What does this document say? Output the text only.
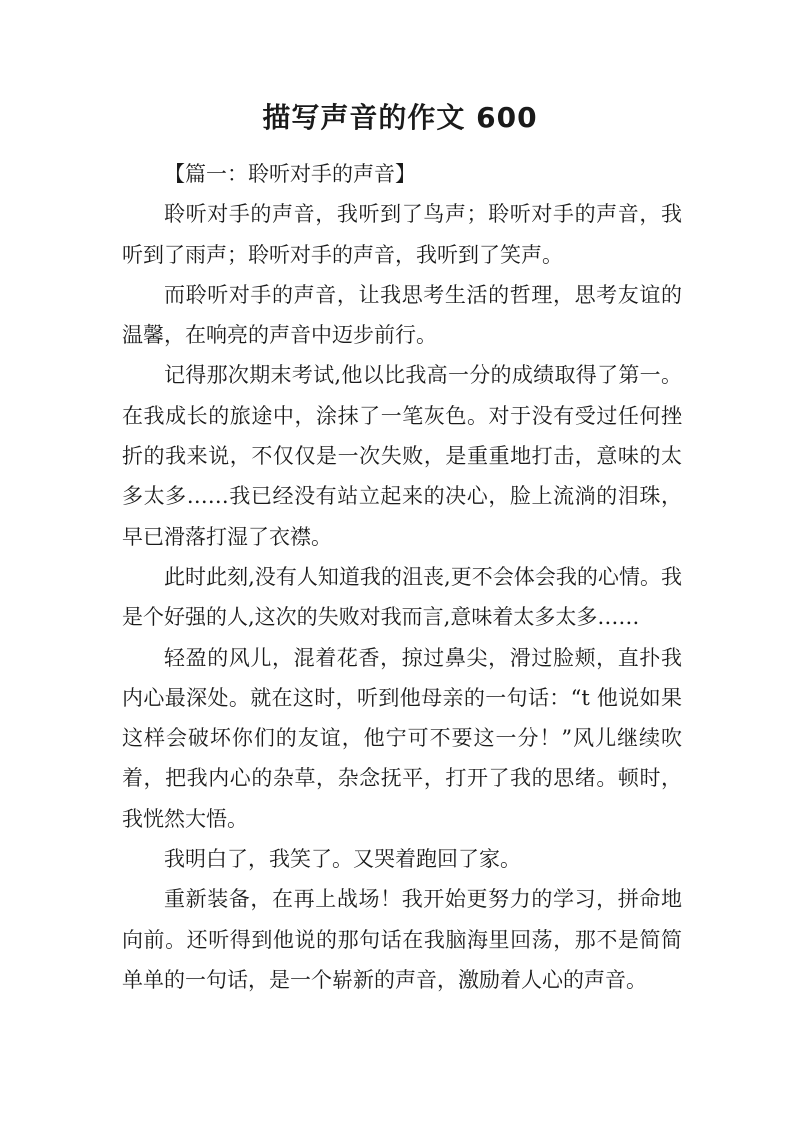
描写声音的作文 600

【篇一：聆听对手的声音】

聆听对手的声音，我听到了鸟声；聆听对手的声音，我听到了雨声；聆听对手的声音，我听到了笑声。

而聆听对手的声音，让我思考生活的哲理，思考友谊的温馨，在响亮的声音中迈步前行。

记得那次期末考试,他以比我高一分的成绩取得了第一。在我成长的旅途中，涂抹了一笔灰色。对于没有受过任何挫折的我来说，不仅仅是一次失败，是重重地打击，意味的太多太多……我已经没有站立起来的决心，脸上流淌的泪珠，早已滑落打湿了衣襟。

此时此刻,没有人知道我的沮丧,更不会体会我的心情。我是个好强的人,这次的失败对我而言,意味着太多太多……

轻盈的风儿，混着花香，掠过鼻尖，滑过脸颊，直扑我内心最深处。就在这时，听到他母亲的一句话：“t 他说如果这样会破坏你们的友谊，他宁可不要这一分！”风儿继续吹着，把我内心的杂草，杂念抚平，打开了我的思绪。顿时，我恍然大悟。

我明白了，我笑了。又哭着跑回了家。

重新装备，在再上战场！我开始更努力的学习，拼命地向前。还听得到他说的那句话在我脑海里回荡，那不是简简单单的一句话，是一个崭新的声音，激励着人心的声音。
